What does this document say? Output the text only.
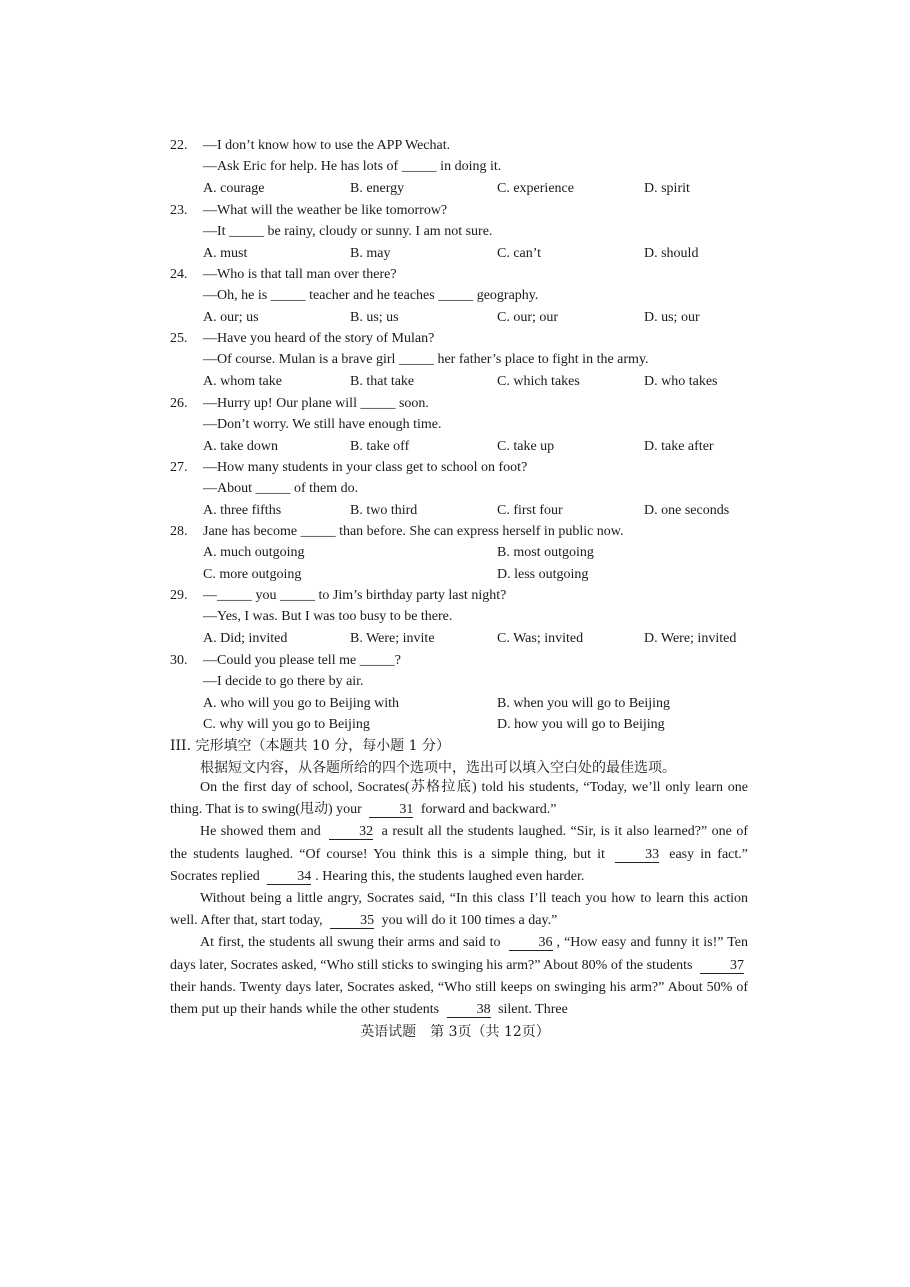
22. —I don’t know how to use the APP Wechat.
—Ask Eric for help. He has lots of _____ in doing it.
A. courage	B. energy	C. experience	D. spirit
23. —What will the weather be like tomorrow?
—It _____ be rainy, cloudy or sunny. I am not sure.
A. must	B. may	C. can’t	D. should
24. —Who is that tall man over there?
—Oh, he is _____ teacher and he teaches _____ geography.
A. our; us	B. us; us	C. our; our	D. us; our
25. —Have you heard of the story of Mulan?
—Of course. Mulan is a brave girl _____ her father’s place to fight in the army.
A. whom take	B. that take	C. which takes	D. who takes
26. —Hurry up! Our plane will _____ soon.
—Don’t worry. We still have enough time.
A. take down	B. take off	C. take up	D. take after
27. —How many students in your class get to school on foot?
—About _____ of them do.
A. three fifths	B. two third	C. first four	D. one seconds
28. Jane has become _____ than before. She can express herself in public now.
A. much outgoing	B. most outgoing
C. more outgoing	D. less outgoing
29. —_____ you _____ to Jim’s birthday party last night?
—Yes, I was. But I was too busy to be there.
A. Did; invited	B. Were; invite	C. Was; invited	D. Were; invited
30. —Could you please tell me _____?
—I decide to go there by air.
A. who will you go to Beijing with	B. when you will go to Beijing
C. why will you go to Beijing	D. how you will go to Beijing
III. 完形填空（本题共 10 分，每小题 1 分）
根据短文内容，从各题所给的四个选项中，选出可以填入空白处的最佳选项。

On the first day of school, Socrates(苏格拉底) told his students, “Today, we’ll only learn one thing. That is to swing(甩动) your	31 forward and backward.”

He showed them and	32 a result all the students laughed. “Sir, is it also learned?” one of the students laughed. “Of course! You think this is a simple thing, but it	33 easy in fact.” Socrates replied	34 . Hearing this, the students laughed even harder.

Without being a little angry, Socrates said, “In this class I’ll teach you how to learn this action well. After that, start today,	35 you will do it 100 times a day.”

At first, the students all swung their arms and said to	36 , “How easy and funny it is!” Ten days later, Socrates asked, “Who still sticks to swinging his arm?” About 80% of the students	37 their hands. Twenty days later, Socrates asked, “Who still keeps on swinging his arm?” About 50% of them put up their hands while the other students	38 silent. Three

英语试题　第 3页（共 12页）
